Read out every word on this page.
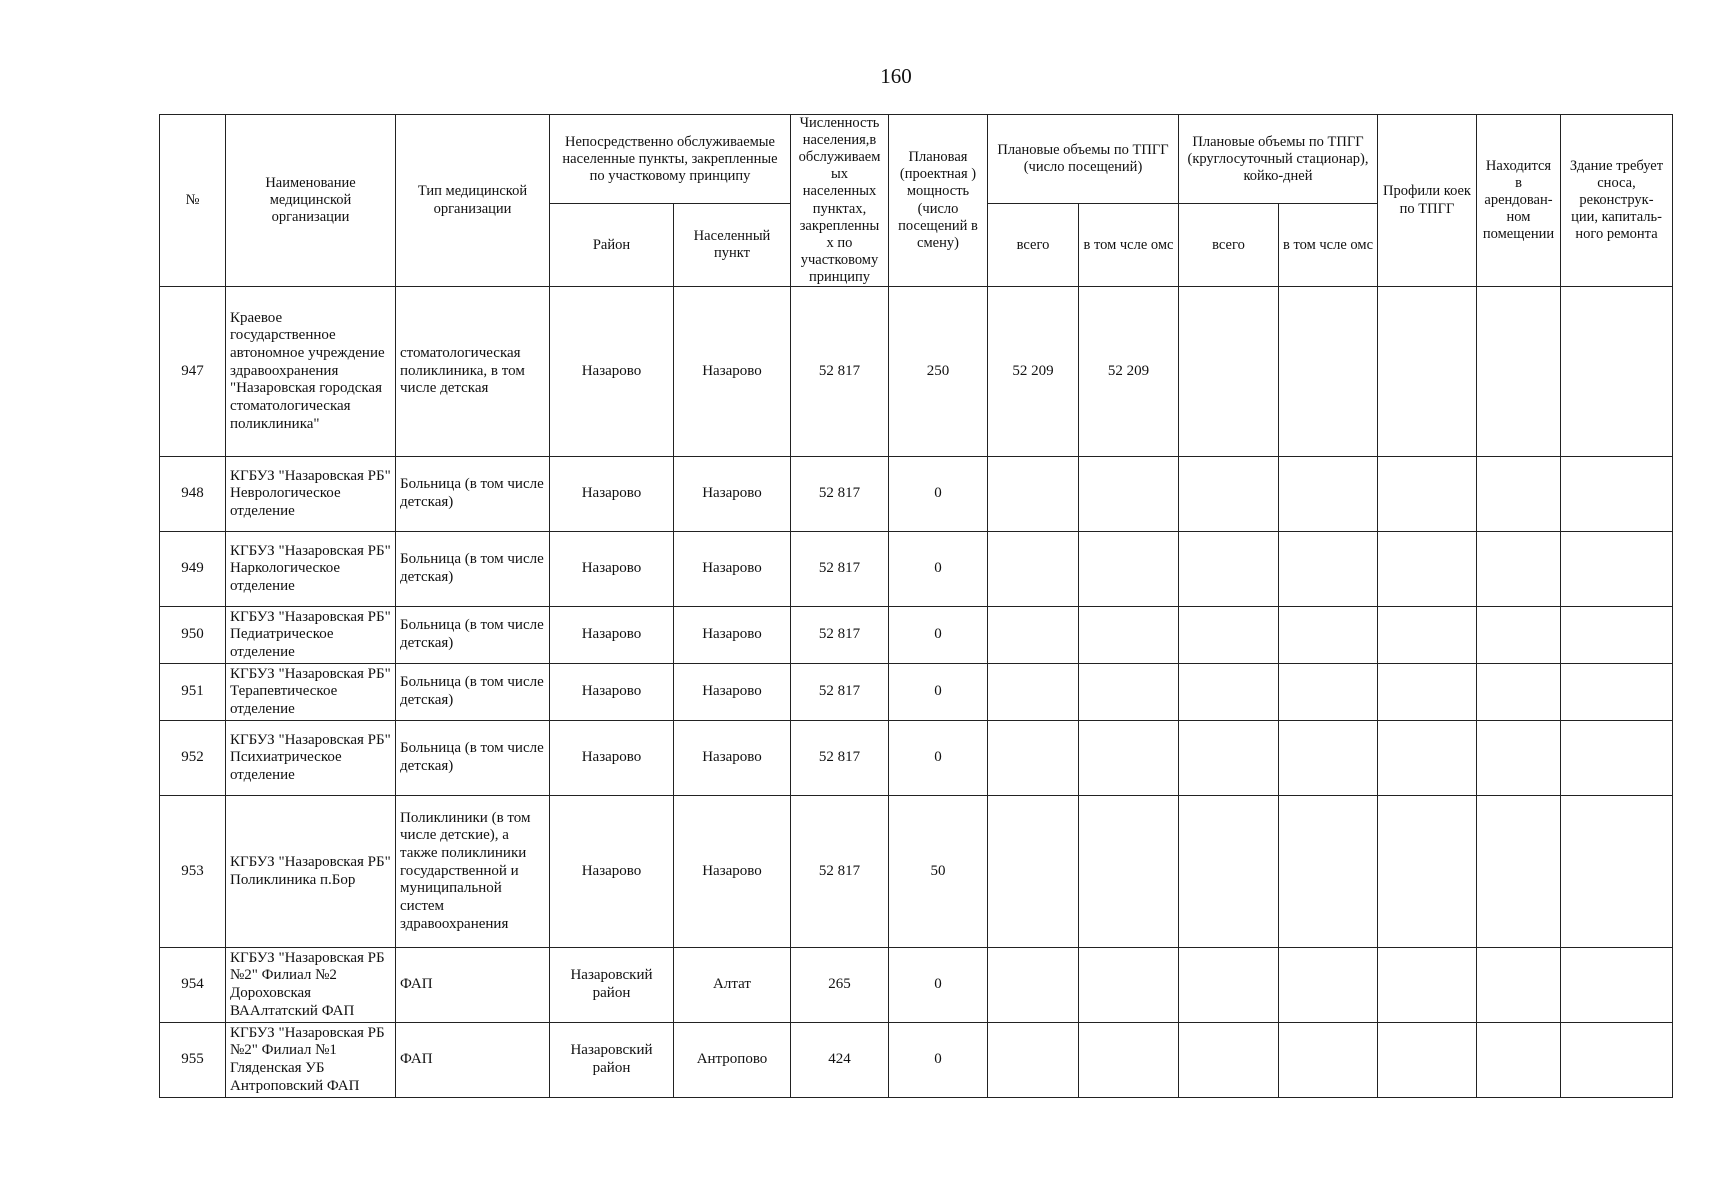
160
№	Наименование медицинской организации	Тип медицинской организации	Непосредственно обслуживаемые населенные пункты, закрепленные по участковому принципу		Численность населения,в обслуживаем ых населенных пунктах, закрепленны х по участковому принципу	Плановая (проектная ) мощность (число посещений в смену)	Плановые объемы по ТПГГ (число посещений)		Плановые объемы по ТПГГ (круглосуточный стационар), койко-дней		Профили коек по ТПГГ	Находится в арендован- ном помещении	Здание требует сноса, реконструк- ции, капиталь- ного ремонта
			Район	Населенный пункт			всего	в том чсле омс	всего	в том чсле омс			
947	Краевое государственное автономное учреждение здравоохранения "Назаровская городская стоматологическая поликлиника"	стоматологическая поликлиника, в том числе детская	Назарово	Назарово	52 817	250	52 209	52 209					
948	КГБУЗ "Назаровская РБ" Неврологическое отделение	Больница (в том числе детская)	Назарово	Назарово	52 817	0							
949	КГБУЗ "Назаровская РБ" Наркологическое отделение	Больница (в том числе детская)	Назарово	Назарово	52 817	0							
950	КГБУЗ "Назаровская РБ" Педиатрическое отделение	Больница (в том числе детская)	Назарово	Назарово	52 817	0							
951	КГБУЗ "Назаровская РБ" Терапевтическое отделение	Больница (в том числе детская)	Назарово	Назарово	52 817	0							
952	КГБУЗ "Назаровская РБ" Психиатрическое отделение	Больница (в том числе детская)	Назарово	Назарово	52 817	0							
953	КГБУЗ "Назаровская РБ" Поликлиника п.Бор	Поликлиники (в том числе детские), а также поликлиники государственной и муниципальной систем здравоохранения	Назарово	Назарово	52 817	50							
954	КГБУЗ "Назаровская РБ №2" Филиал №2 Дороховская ВААлтатский ФАП	ФАП	Назаровский район	Алтат	265	0							
955	КГБУЗ "Назаровская РБ №2" Филиал №1 Гляденская УБ Антроповский ФАП	ФАП	Назаровский район	Антропово	424	0							
